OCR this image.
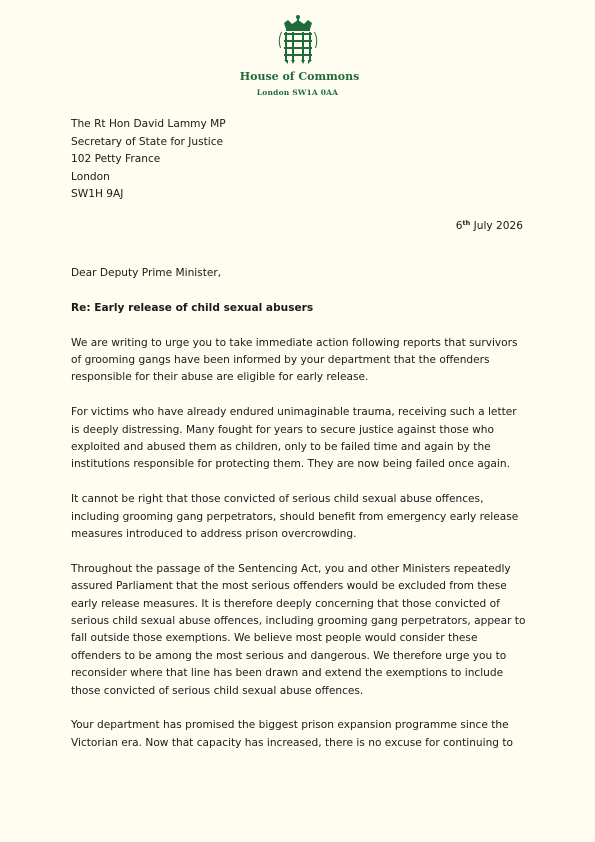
House of Commons
London SW1A 0AA
The Rt Hon David Lammy MP
Secretary of State for Justice
102 Petty France
London
SW1H 9AJ
6th July 2026

Dear Deputy Prime Minister,

Re: Early release of child sexual abusers

We are writing to urge you to take immediate action following reports that survivors of grooming gangs have been informed by your department that the offenders responsible for their abuse are eligible for early release.

For victims who have already endured unimaginable trauma, receiving such a letter is deeply distressing. Many fought for years to secure justice against those who exploited and abused them as children, only to be failed time and again by the institutions responsible for protecting them. They are now being failed once again.

It cannot be right that those convicted of serious child sexual abuse offences, including grooming gang perpetrators, should benefit from emergency early release measures introduced to address prison overcrowding.

Throughout the passage of the Sentencing Act, you and other Ministers repeatedly assured Parliament that the most serious offenders would be excluded from these early release measures. It is therefore deeply concerning that those convicted of serious child sexual abuse offences, including grooming gang perpetrators, appear to fall outside those exemptions. We believe most people would consider these offenders to be among the most serious and dangerous. We therefore urge you to reconsider where that line has been drawn and extend the exemptions to include those convicted of serious child sexual abuse offences.

Your department has promised the biggest prison expansion programme since the Victorian era. Now that capacity has increased, there is no excuse for continuing to
